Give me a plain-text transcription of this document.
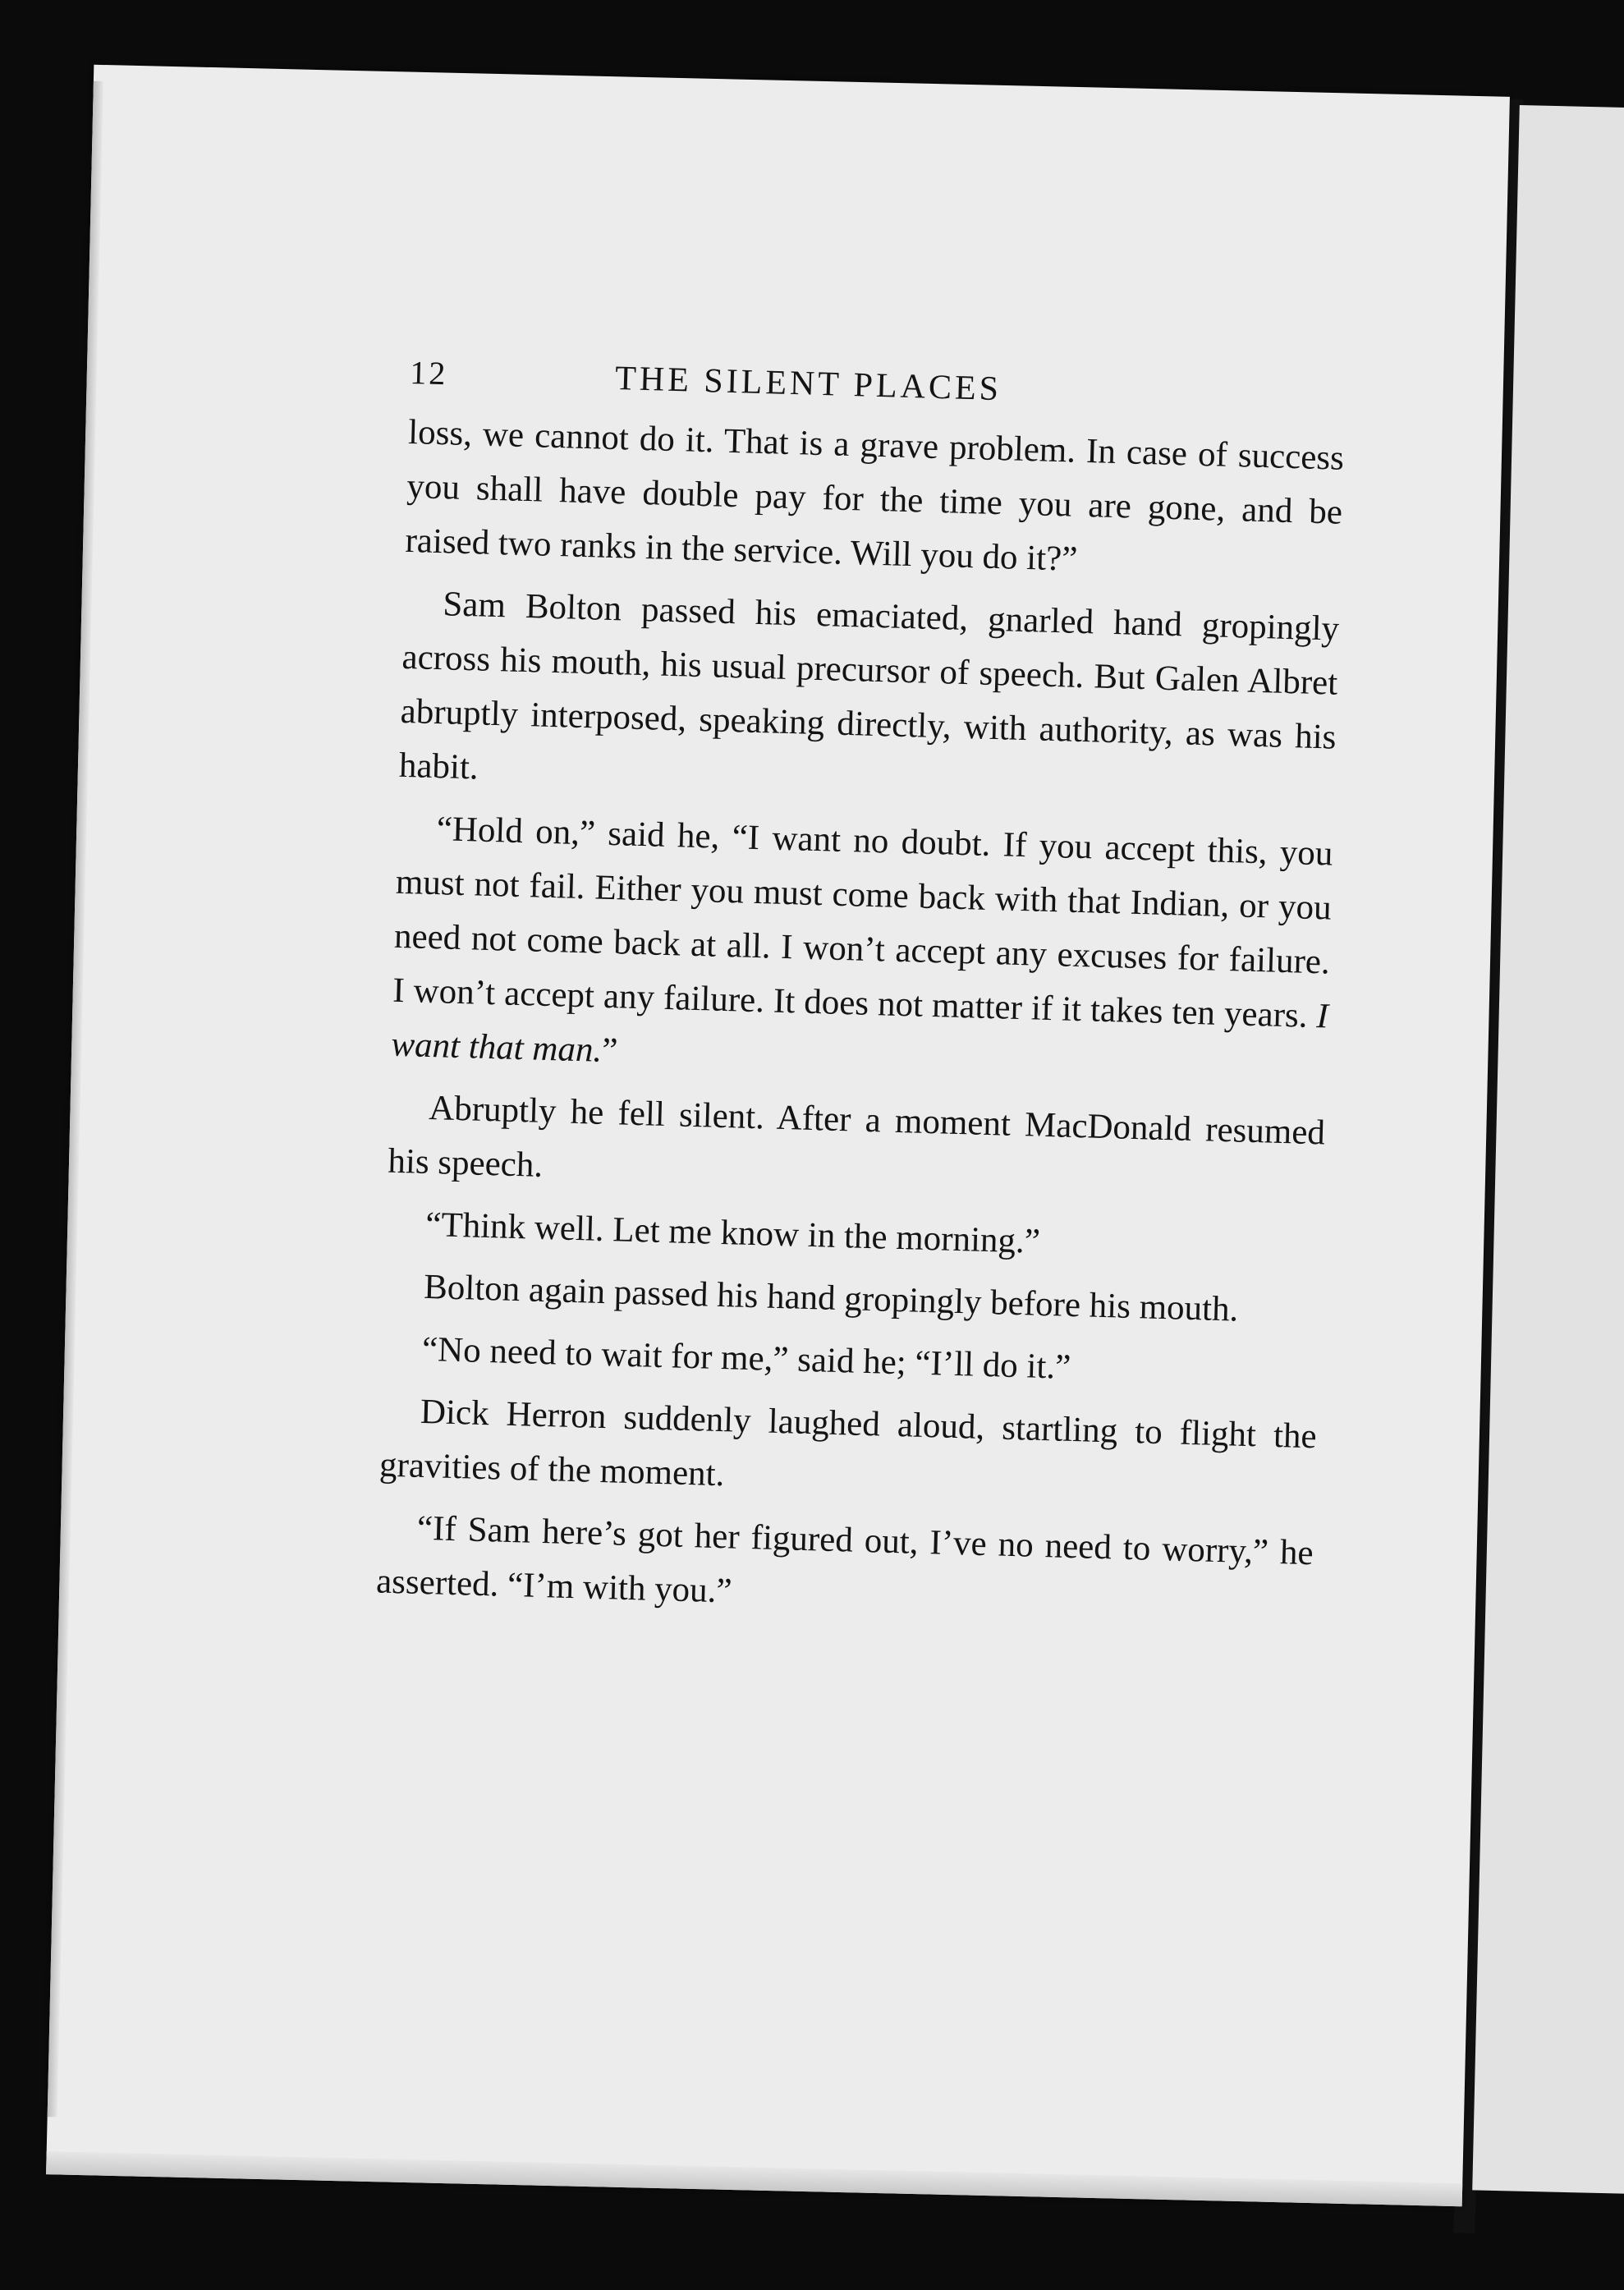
12	THE SILENT PLACES

loss, we cannot do it. That is a grave problem. In case of success you shall have double pay for the time you are gone, and be raised two ranks in the service. Will you do it?”

Sam Bolton passed his emaciated, gnarled hand gropingly across his mouth, his usual precursor of speech. But Galen Albret abruptly interposed, speaking directly, with authority, as was his habit.

“Hold on,” said he, “I want no doubt. If you accept this, you must not fail. Either you must come back with that Indian, or you need not come back at all. I won’t accept any excuses for failure. I won’t accept any failure. It does not matter if it takes ten years. I want that man.”

Abruptly he fell silent. After a moment MacDonald resumed his speech.

“Think well. Let me know in the morning.”

Bolton again passed his hand gropingly before his mouth.

“No need to wait for me,” said he; “I’ll do it.”

Dick Herron suddenly laughed aloud, startling to flight the gravities of the moment.

“If Sam here’s got her figured out, I’ve no need to worry,” he asserted. “I’m with you.”
